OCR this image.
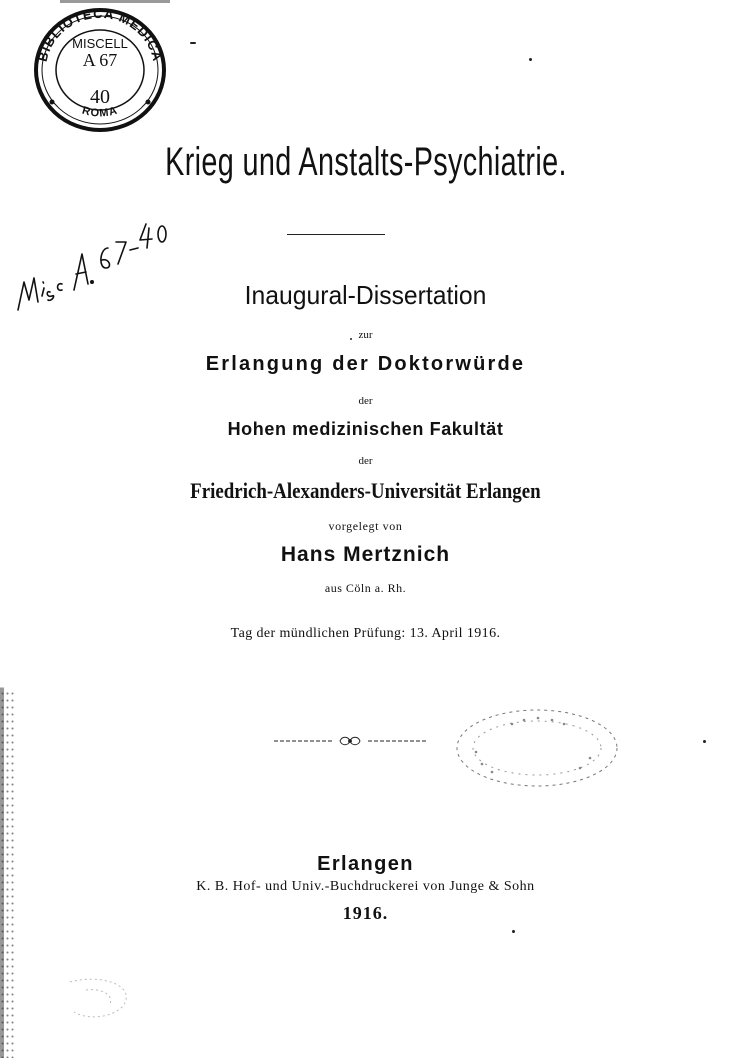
BIBLIOTECA MEDICA
ROMA
MISCELL
A 67
40
Krieg und Anstalts-Psychiatrie.
Inaugural-Dissertation
zur
Erlangung der Doktorwürde
der
Hohen medizinischen Fakultät
der
Friedrich-Alexanders-Universität Erlangen
vorgelegt von
Hans Mertznich
aus Cöln a. Rh.
Tag der mündlichen Prüfung: 13. April 1916.
Erlangen
K. B. Hof- und Univ.-Buchdruckerei von Junge & Sohn
1916.
